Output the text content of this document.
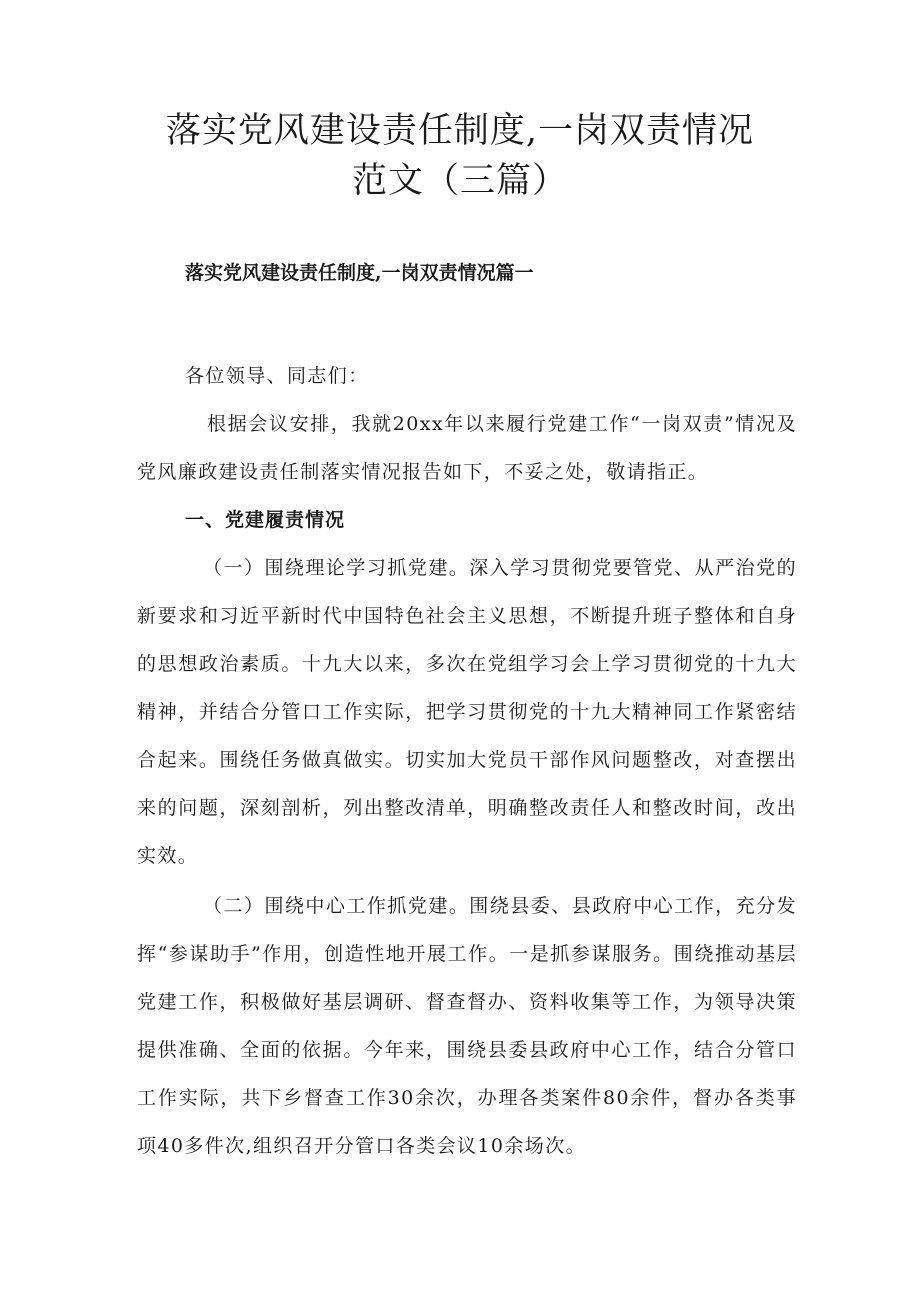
落实党风建设责任制度,一岗双责情况
范文（三篇）
落实党风建设责任制度,一岗双责情况篇一

各位领导、同志们：

根据会议安排，我就20xx年以来履行党建工作“一岗双责”情况及党风廉政建设责任制落实情况报告如下，不妥之处，敬请指正。

一、党建履责情况

（一）围绕理论学习抓党建。深入学习贯彻党要管党、从严治党的新要求和习近平新时代中国特色社会主义思想，不断提升班子整体和自身的思想政治素质。十九大以来，多次在党组学习会上学习贯彻党的十九大精神，并结合分管口工作实际，把学习贯彻党的十九大精神同工作紧密结合起来。围绕任务做真做实。切实加大党员干部作风问题整改，对查摆出来的问题，深刻剖析，列出整改清单，明确整改责任人和整改时间，改出实效。

（二）围绕中心工作抓党建。围绕县委、县政府中心工作，充分发挥“参谋助手”作用，创造性地开展工作。一是抓参谋服务。围绕推动基层党建工作，积极做好基层调研、督查督办、资料收集等工作，为领导决策提供准确、全面的依据。今年来，围绕县委县政府中心工作，结合分管口工作实际，共下乡督查工作30余次，办理各类案件80余件，督办各类事项40多件次,组织召开分管口各类会议10余场次。
